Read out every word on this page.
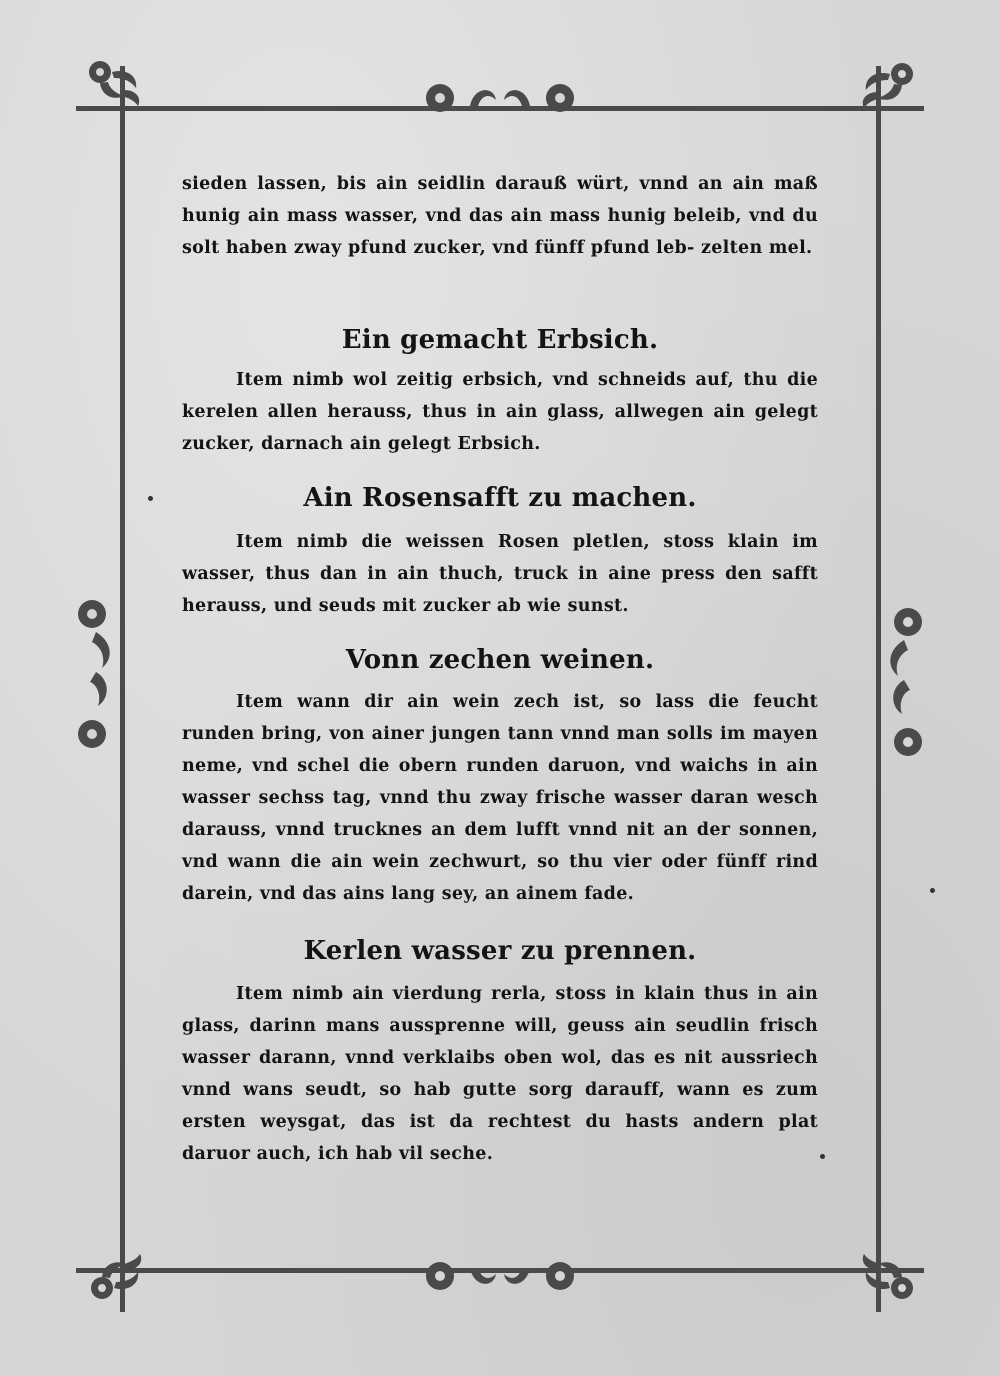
sieden lassen, bis ain seidlin darauß würt, vnnd an ain maß hunig ain mass wasser, vnd das ain mass hunig beleib, vnd du solt haben zway pfund zucker, vnd fünff pfund leb- zelten mel.

Ein gemacht Erbsich.

Item nimb wol zeitig erbsich, vnd schneids auf, thu die kerelen allen herauss, thus in ain glass, allwegen ain gelegt zucker, darnach ain gelegt Erbsich.

Ain Rosensafft zu machen.

Item nimb die weissen Rosen pletlen, stoss klain im wasser, thus dan in ain thuch, truck in aine press den safft herauss, und seuds mit zucker ab wie sunst.

Vonn zechen weinen.

Item wann dir ain wein zech ist, so lass die feucht runden bring, von ainer jungen tann vnnd man solls im mayen neme, vnd schel die obern runden daruon, vnd waichs in ain wasser sechss tag, vnnd thu zway frische wasser daran wesch darauss, vnnd trucknes an dem lufft vnnd nit an der sonnen, vnd wann die ain wein zechwurt, so thu vier oder fünff rind darein, vnd das ains lang sey, an ainem fade.

Kerlen wasser zu prennen.

Item nimb ain vierdung rerla, stoss in klain thus in ain glass, darinn mans aussprenne will, geuss ain seudlin frisch wasser darann, vnnd verklaibs oben wol, das es nit aussriech vnnd wans seudt, so hab gutte sorg darauff, wann es zum ersten weysgat, das ist da rechtest du hasts andern plat daruor auch, ich hab vil seche.
